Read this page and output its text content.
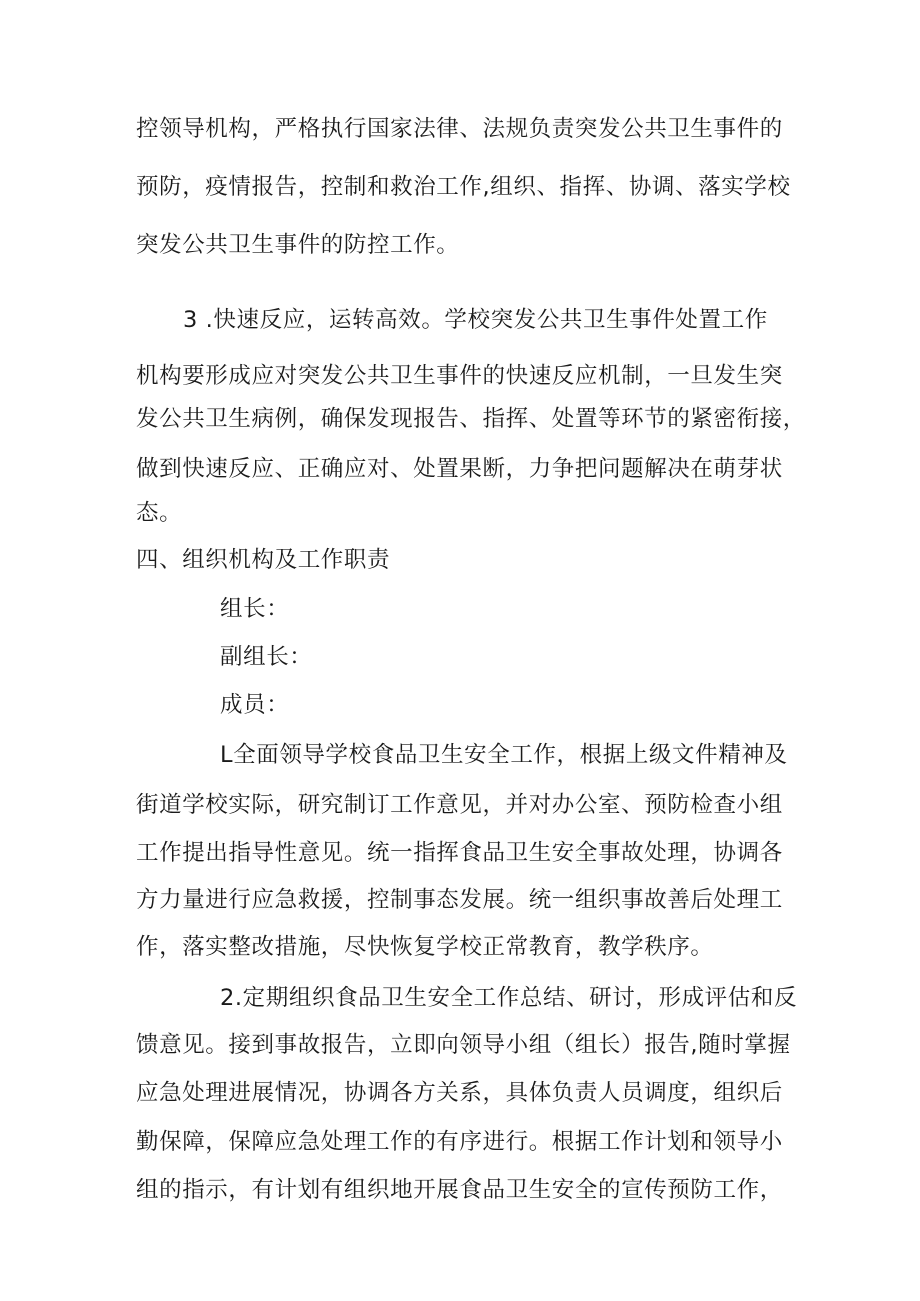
控领导机构，严格执行国家法律、法规负责突发公共卫生事件的
预防，疫情报告，控制和救治工作,组织、指挥、协调、落实学校
突发公共卫生事件的防控工作。
3 .快速反应，运转高效。学校突发公共卫生事件处置工作
机构要形成应对突发公共卫生事件的快速反应机制，一旦发生突
发公共卫生病例，确保发现报告、指挥、处置等环节的紧密衔接，
做到快速反应、正确应对、处置果断，力争把问题解决在萌芽状
态。
四、组织机构及工作职责
组长：
副组长：
成员：
L全面领导学校食品卫生安全工作，根据上级文件精神及
街道学校实际，研究制订工作意见，并对办公室、预防检查小组
工作提出指导性意见。统一指挥食品卫生安全事故处理，协调各
方力量进行应急救援，控制事态发展。统一组织事故善后处理工
作，落实整改措施，尽快恢复学校正常教育，教学秩序。
2.定期组织食品卫生安全工作总结、研讨，形成评估和反
馈意见。接到事故报告，立即向领导小组（组长）报告,随时掌握
应急处理进展情况，协调各方关系，具体负责人员调度，组织后
勤保障，保障应急处理工作的有序进行。根据工作计划和领导小
组的指示，有计划有组织地开展食品卫生安全的宣传预防工作，
